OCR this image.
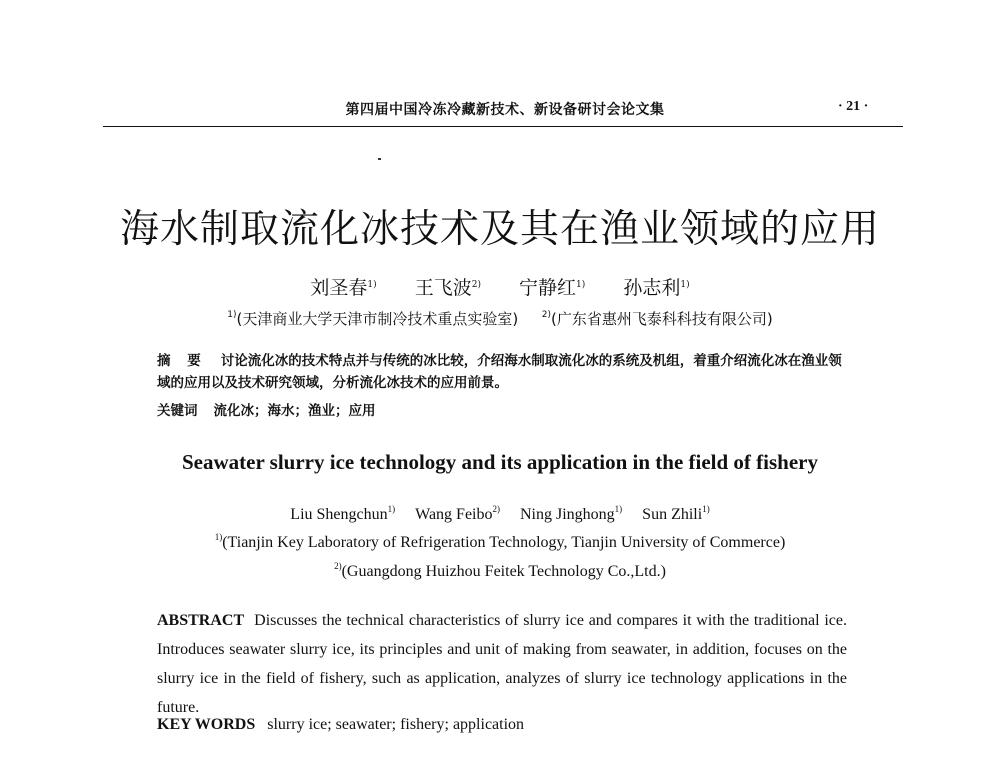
第四届中国冷冻冷藏新技术、新设备研讨会论文集	· 21 ·
海水制取流化冰技术及其在渔业领域的应用
刘圣春$^{1)}$ 王飞波$^{2)}$ 宁静红$^{1)}$ 孙志利$^{1)}$
$^{1)}$(天津商业大学天津市制冷技术重点实验室)	$^{2)}$(广东省惠州飞泰科科技有限公司)
摘 要 讨论流化冰的技术特点并与传统的冰比较，介绍海水制取流化冰的系统及机组，着重介绍流化冰在渔业领域的应用以及技术研究领域，分析流化冰技术的应用前景。
关键词 流化冰；海水；渔业；应用
Seawater slurry ice technology and its application in the field of fishery
Liu Shengchun$^{1)}$ Wang Feibo$^{2)}$ Ning Jinghong$^{1)}$ Sun Zhili$^{1)}$
$^{1)}$(Tianjin Key Laboratory of Refrigeration Technology, Tianjin University of Commerce)
$^{2)}$(Guangdong Huizhou Feitek Technology Co.,Ltd.)
ABSTRACT Discusses the technical characteristics of slurry ice and compares it with the traditional ice. Introduces seawater slurry ice, its principles and unit of making from seawater, in addition, focuses on the slurry ice in the field of fishery, such as application, analyzes of slurry ice technology applications in the future.
KEY WORDS slurry ice; seawater; fishery; application
